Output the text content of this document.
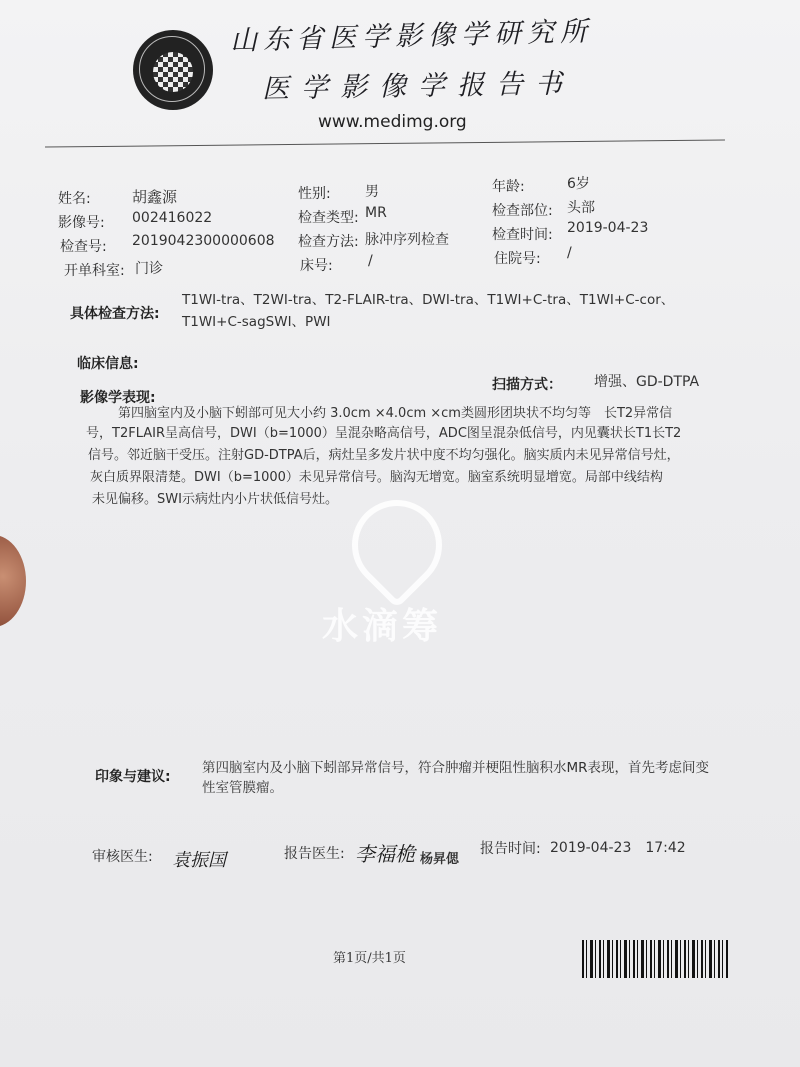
山东省医学影像学研究所
医学影像学报告书
www.medimg.org
姓名:	胡鑫源
影像号: 002416022
检查号: 2019042300000608
开单科室: 门诊
性别: 男
检查类型: MR
检查方法: 脉冲序列检查
床号:	/
年龄:	6岁
检查部位: 头部
检查时间: 2019-04-23
住院号: /
具体检查方法:
T1WI-tra、T2WI-tra、T2-FLAIR-tra、DWI-tra、T1WI+C-tra、T1WI+C-cor、
T1WI+C-sagSWI、PWI
临床信息:
影像学表现:
扫描方式： 增强、GD-DTPA
第四脑室内及小脑下蚓部可见大小约 3.0cm ×4.0cm ×cm类圆形团块状不均匀等　长T2异常信
号，T2FLAIR呈高信号，DWI（b=1000）呈混杂略高信号，ADC图呈混杂低信号，内见囊状长T1长T2
信号。邻近脑干受压。注射GD-DTPA后，病灶呈多发片状中度不均匀强化。脑实质内未见异常信号灶，
灰白质界限清楚。DWI（b=1000）未见异常信号。脑沟无增宽。脑室系统明显增宽。局部中线结构
未见偏移。SWI示病灶内小片状低信号灶。
水滴筹
印象与建议:
第四脑室内及小脑下蚓部异常信号，符合肿瘤并梗阻性脑积水MR表现，首先考虑间变
性室管膜瘤。
审核医生: 袁振国	报告医生: 李福桅 杨昇偲
报告时间: 2019-04-23　17:42
第1页/共1页
